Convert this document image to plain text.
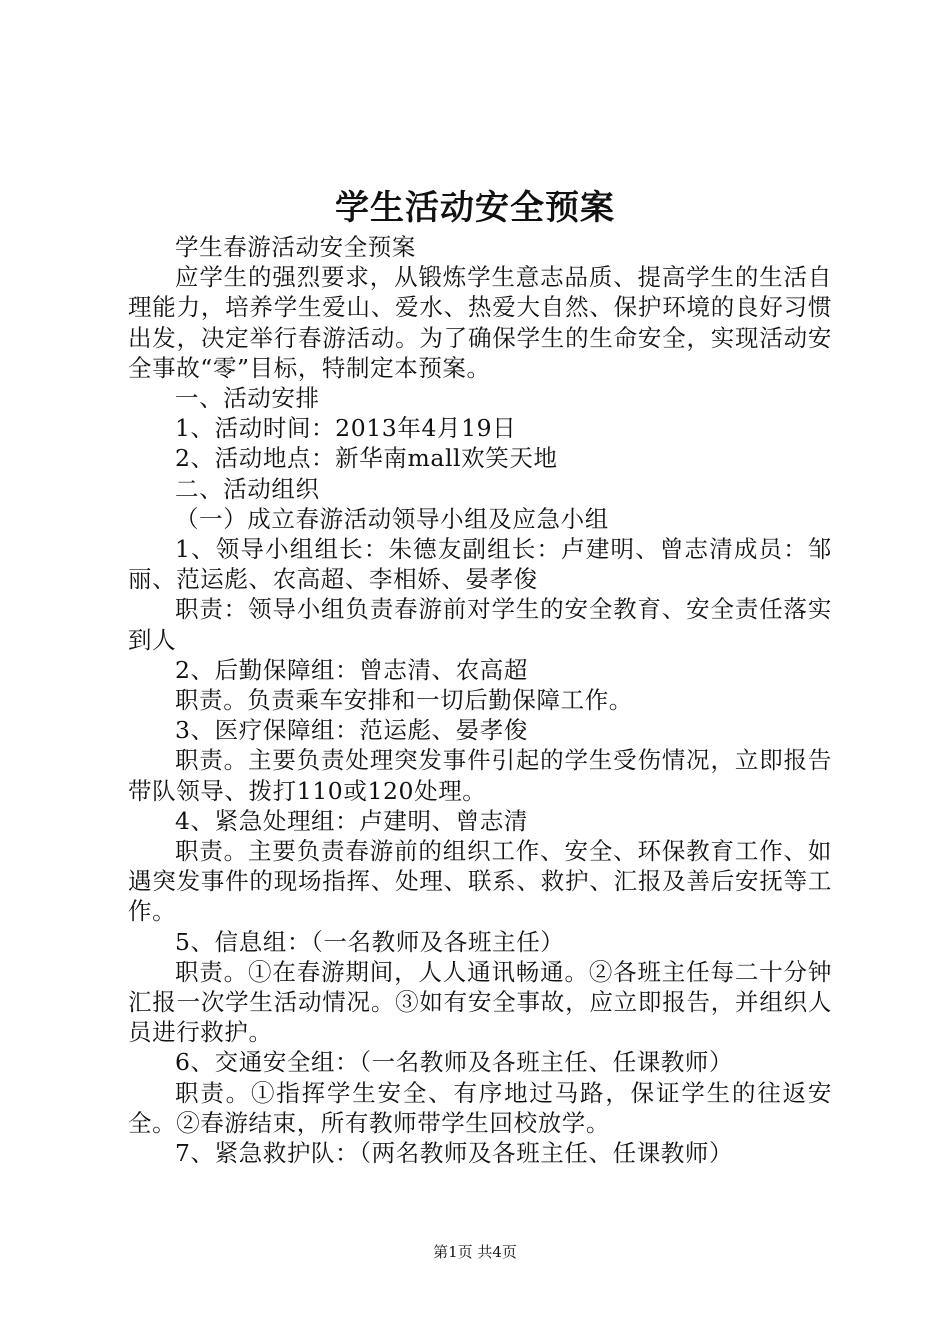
学生活动安全预案

学生春游活动安全预案

应学生的强烈要求，从锻炼学生意志品质、提高学生的生活自理能力，培养学生爱山、爱水、热爱大自然、保护环境的良好习惯出发，决定举行春游活动。为了确保学生的生命安全，实现活动安全事故“零”目标，特制定本预案。

一、活动安排

1、活动时间：2013年4月19日

2、活动地点：新华南mall欢笑天地

二、活动组织

（一）成立春游活动领导小组及应急小组

1、领导小组组长：朱德友副组长：卢建明、曾志清成员：邹丽、范运彪、农高超、李相娇、晏孝俊

职责：领导小组负责春游前对学生的安全教育、安全责任落实到人

2、后勤保障组：曾志清、农高超

职责。负责乘车安排和一切后勤保障工作。

3、医疗保障组：范运彪、晏孝俊

职责。主要负责处理突发事件引起的学生受伤情况，立即报告带队领导、拨打110或120处理。

4、紧急处理组：卢建明、曾志清

职责。主要负责春游前的组织工作、安全、环保教育工作、如遇突发事件的现场指挥、处理、联系、救护、汇报及善后安抚等工作。

5、信息组：（一名教师及各班主任）

职责。①在春游期间，人人通讯畅通。②各班主任每二十分钟汇报一次学生活动情况。③如有安全事故，应立即报告，并组织人员进行救护。

6、交通安全组：（一名教师及各班主任、任课教师）

职责。①指挥学生安全、有序地过马路，保证学生的往返安全。②春游结束，所有教师带学生回校放学。

7、紧急救护队：（两名教师及各班主任、任课教师）

第1页 共4页
